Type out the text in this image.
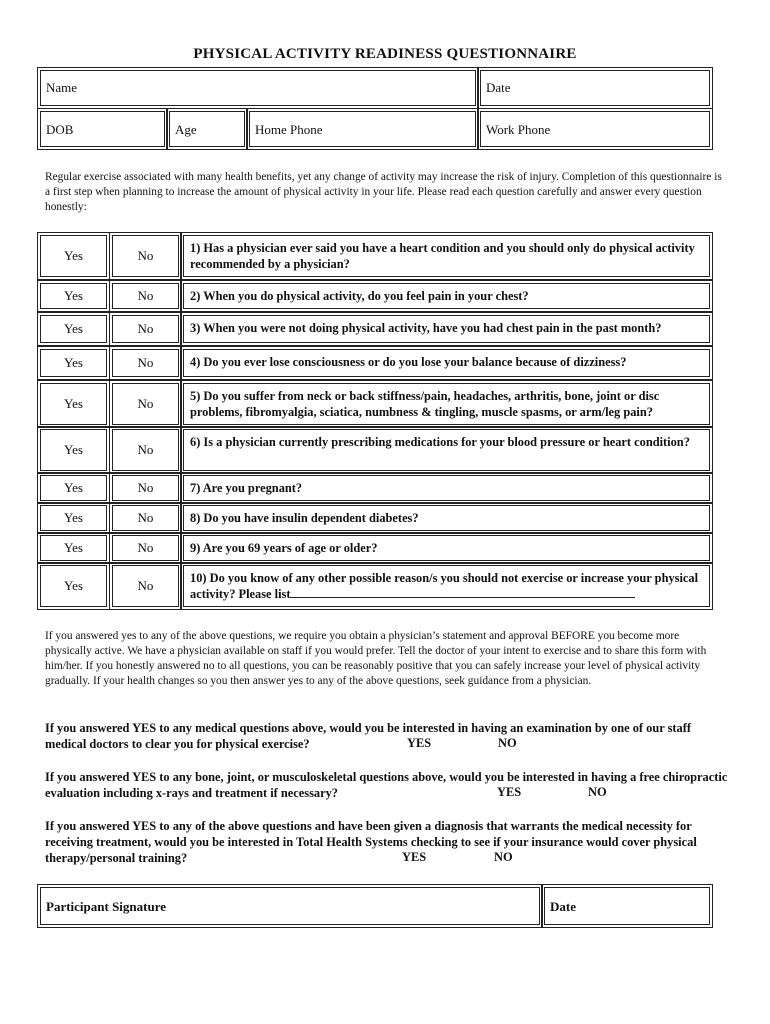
PHYSICAL ACTIVITY READINESS QUESTIONNAIRE
Name	Date
DOB	Age	Home Phone	Work Phone
Regular exercise associated with many health benefits, yet any change of activity may increase the risk of injury. Completion of this questionnaire is a first step when planning to increase the amount of physical activity in your life. Please read each question carefully and answer every question honestly:
Yes	No	1) Has a physician ever said you have a heart condition and you should only do physical activity recommended by a physician?
Yes	No	2) When you do physical activity, do you feel pain in your chest?
Yes	No	3) When you were not doing physical activity, have you had chest pain in the past month?
Yes	No	4) Do you ever lose consciousness or do you lose your balance because of dizziness?
Yes	No	5) Do you suffer from neck or back stiffness/pain, headaches, arthritis, bone, joint or disc problems, fibromyalgia, sciatica, numbness & tingling, muscle spasms, or arm/leg pain?
Yes	No	6) Is a physician currently prescribing medications for your blood pressure or heart condition?
Yes	No	7) Are you pregnant?
Yes	No	8) Do you have insulin dependent diabetes?
Yes	No	9) Are you 69 years of age or older?
Yes	No	10) Do you know of any other possible reason/s you should not exercise or increase your physical activity? Please list
If you answered yes to any of the above questions, we require you obtain a physician’s statement and approval BEFORE you become more physically active. We have a physician available on staff if you would prefer. Tell the doctor of your intent to exercise and to share this form with him/her. If you honestly answered no to all questions, you can be reasonably positive that you can safely increase your level of physical activity gradually. If your health changes so you then answer yes to any of the above questions, seek guidance from a physician.
If you answered YES to any medical questions above, would you be interested in having an examination by one of our staff medical doctors to clear you for physical exercise?	YES	NO
If you answered YES to any bone, joint, or musculoskeletal questions above, would you be interested in having a free chiropractic evaluation including x-rays and treatment if necessary?	YES	NO
If you answered YES to any of the above questions and have been given a diagnosis that warrants the medical necessity for receiving treatment, would you be interested in Total Health Systems checking to see if your insurance would cover physical therapy/personal training?	YES	NO
Participant Signature	Date
